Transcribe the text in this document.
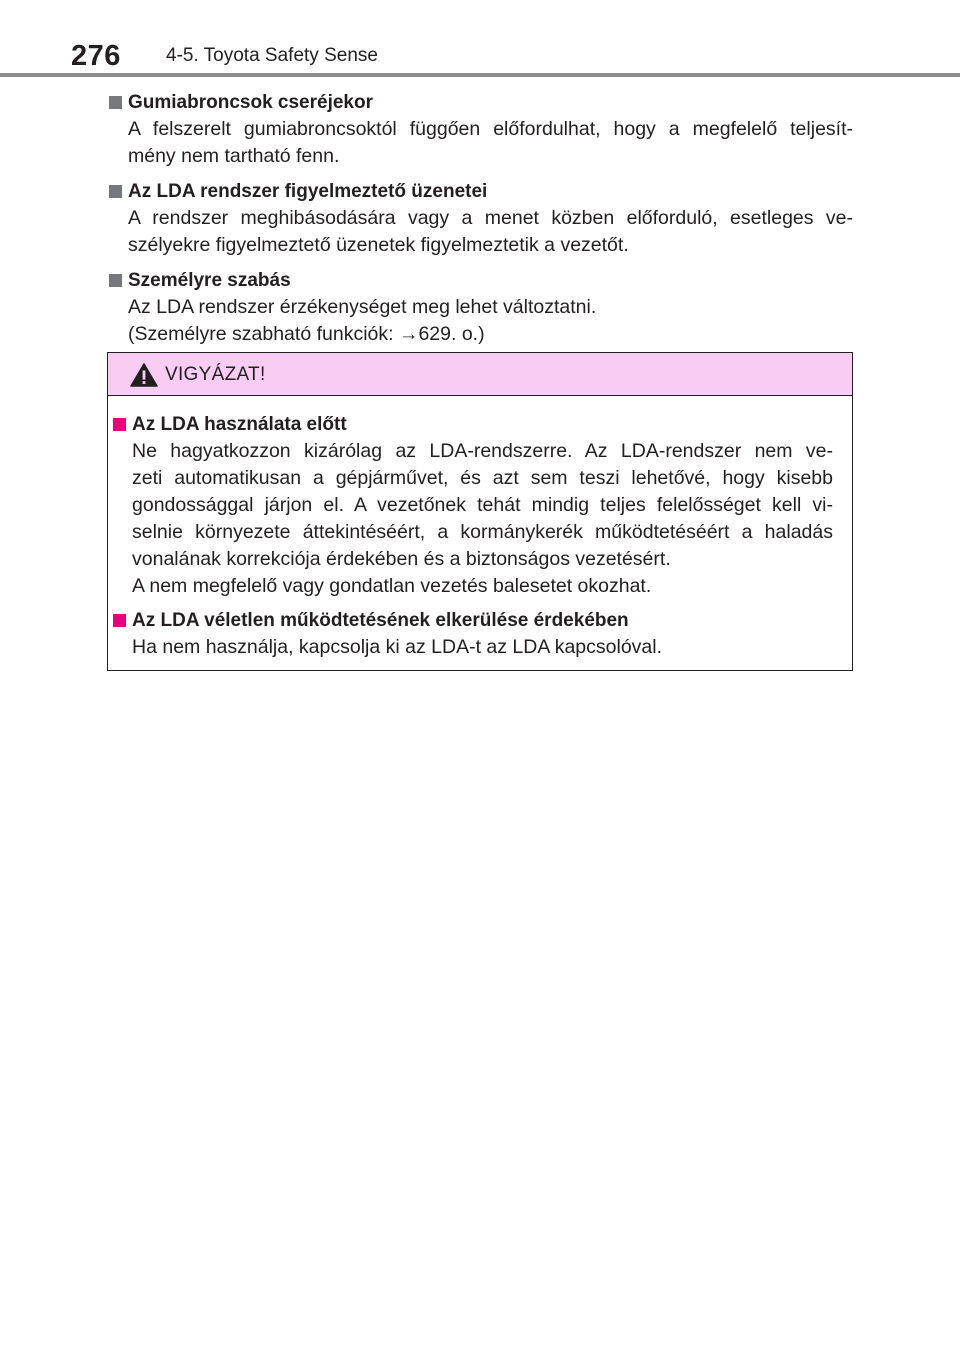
276 4-5. Toyota Safety Sense
Gumiabroncsok cseréjekor
A felszerelt gumiabroncsoktól függően előfordulhat, hogy a megfelelő teljesít-
mény nem tartható fenn.
Az LDA rendszer figyelmeztető üzenetei
A rendszer meghibásodására vagy a menet közben előforduló, esetleges ve-
szélyekre figyelmeztető üzenetek figyelmeztetik a vezetőt.
Személyre szabás
Az LDA rendszer érzékenységet meg lehet változtatni.
(Személyre szabható funkciók: →629. o.)
VIGYÁZAT!
Az LDA használata előtt
Ne hagyatkozzon kizárólag az LDA-rendszerre. Az LDA-rendszer nem ve-
zeti automatikusan a gépjárművet, és azt sem teszi lehetővé, hogy kisebb
gondossággal járjon el. A vezetőnek tehát mindig teljes felelősséget kell vi-
selnie környezete áttekintéséért, a kormánykerék működtetéséért a haladás
vonalának korrekciója érdekében és a biztonságos vezetésért.
A nem megfelelő vagy gondatlan vezetés balesetet okozhat.
Az LDA véletlen működtetésének elkerülése érdekében
Ha nem használja, kapcsolja ki az LDA-t az LDA kapcsolóval.
